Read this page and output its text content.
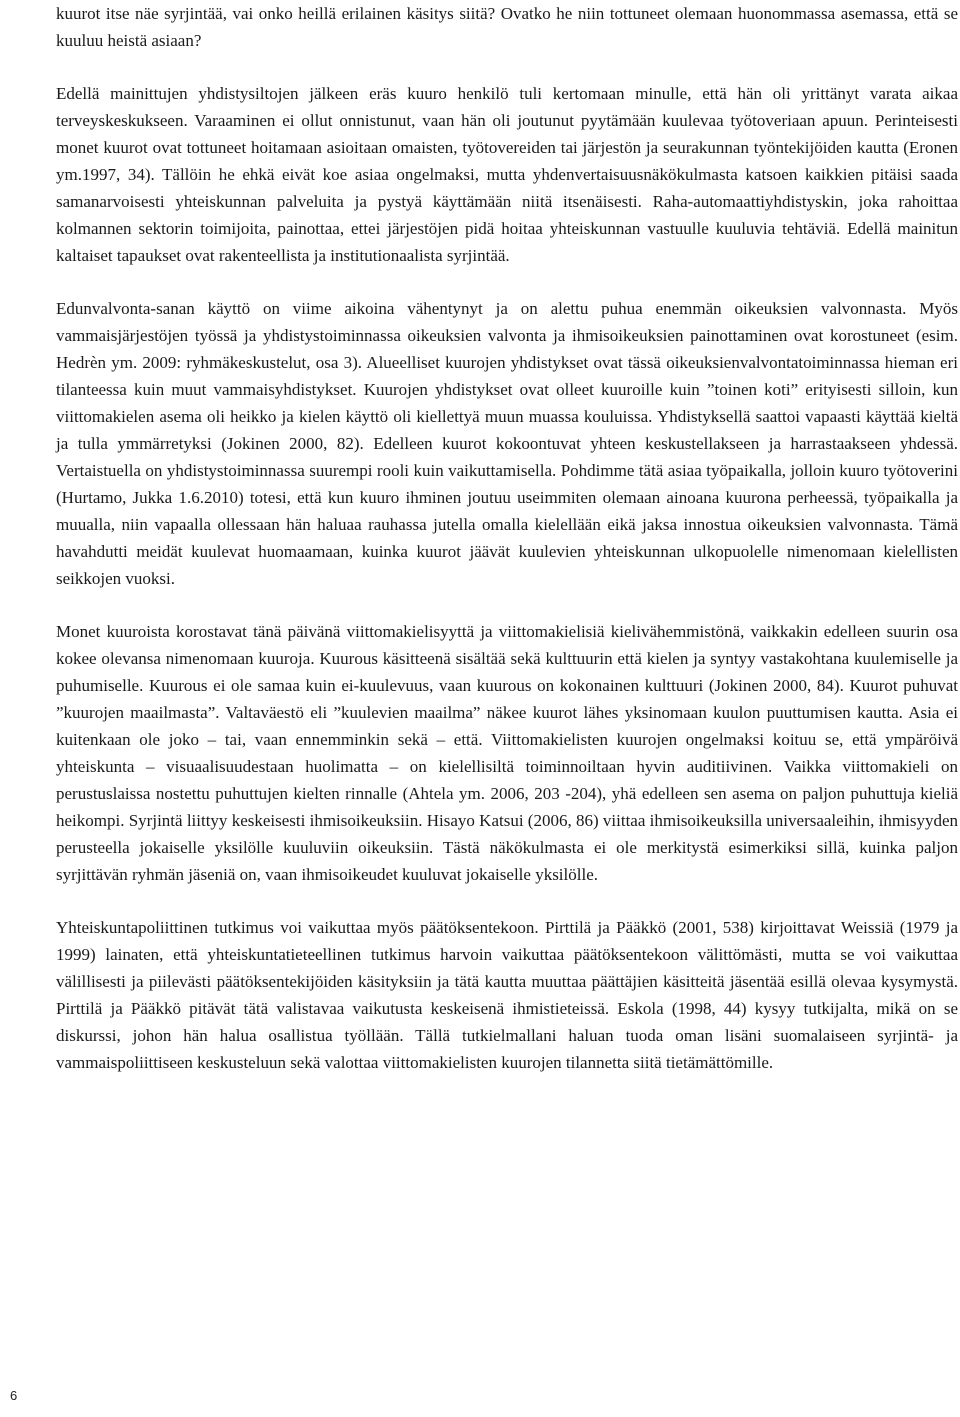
kuurot itse näe syrjintää, vai onko heillä erilainen käsitys siitä? Ovatko he niin tottuneet olemaan huonommassa asemassa, että se kuuluu heistä asiaan?

Edellä mainittujen yhdistysiltojen jälkeen eräs kuuro henkilö tuli kertomaan minulle, että hän oli yrittänyt varata aikaa terveyskeskukseen. Varaaminen ei ollut onnistunut, vaan hän oli joutunut pyytämään kuulevaa työtoveriaan apuun. Perinteisesti monet kuurot ovat tottuneet hoitamaan asioitaan omaisten, työtovereiden tai järjestön ja seurakunnan työntekijöiden kautta (Eronen ym.1997, 34). Tällöin he ehkä eivät koe asiaa ongelmaksi, mutta yhdenvertaisuusnäkökulmasta katsoen kaikkien pitäisi saada samanarvoisesti yhteiskunnan palveluita ja pystyä käyttämään niitä itsenäisesti. Raha-automaattiyhdistyskin, joka rahoittaa kolmannen sektorin toimijoita, painottaa, ettei järjestöjen pidä hoitaa yhteiskunnan vastuulle kuuluvia tehtäviä. Edellä mainitun kaltaiset tapaukset ovat rakenteellista ja institutionaalista syrjintää.

Edunvalvonta-sanan käyttö on viime aikoina vähentynyt ja on alettu puhua enemmän oikeuksien valvonnasta. Myös vammaisjärjestöjen työssä ja yhdistystoiminnassa oikeuksien valvonta ja ihmisoikeuksien painottaminen ovat korostuneet (esim. Hedrèn ym. 2009: ryhmäkeskustelut, osa 3). Alueelliset kuurojen yhdistykset ovat tässä oikeuksienvalvontatoiminnassa hieman eri tilanteessa kuin muut vammaisyhdistykset. Kuurojen yhdistykset ovat olleet kuuroille kuin ”toinen koti” erityisesti silloin, kun viittomakielen asema oli heikko ja kielen käyttö oli kiellettyä muun muassa kouluissa. Yhdistyksellä saattoi vapaasti käyttää kieltä ja tulla ymmärretyksi (Jokinen 2000, 82). Edelleen kuurot kokoontuvat yhteen keskustellakseen ja harrastaakseen yhdessä. Vertaistuella on yhdistystoiminnassa suurempi rooli kuin vaikuttamisella. Pohdimme tätä asiaa työpaikalla, jolloin kuuro työtoverini (Hurtamo, Jukka 1.6.2010) totesi, että kun kuuro ihminen joutuu useimmiten olemaan ainoana kuurona perheessä, työpaikalla ja muualla, niin vapaalla ollessaan hän haluaa rauhassa jutella omalla kielellään eikä jaksa innostua oikeuksien valvonnasta. Tämä havahdutti meidät kuulevat huomaamaan, kuinka kuurot jäävät kuulevien yhteiskunnan ulkopuolelle nimenomaan kielellisten seikkojen vuoksi.

Monet kuuroista korostavat tänä päivänä viittomakielisyyttä ja viittomakielisiä kielivähemmistönä, vaikkakin edelleen suurin osa kokee olevansa nimenomaan kuuroja. Kuurous käsitteenä sisältää sekä kulttuurin että kielen ja syntyy vastakohtana kuulemiselle ja puhumiselle. Kuurous ei ole samaa kuin ei-kuulevuus, vaan kuurous on kokonainen kulttuuri (Jokinen 2000, 84). Kuurot puhuvat ”kuurojen maailmasta”. Valtaväestö eli ”kuulevien maailma” näkee kuurot lähes yksinomaan kuulon puuttumisen kautta. Asia ei kuitenkaan ole joko – tai, vaan ennemminkin sekä – että. Viittomakielisten kuurojen ongelmaksi koituu se, että ympäröivä yhteiskunta – visuaalisuudestaan huolimatta – on kielellisiltä toiminnoiltaan hyvin auditiivinen. Vaikka viittomakieli on perustuslaissa nostettu puhuttujen kielten rinnalle (Ahtela ym. 2006, 203 -204), yhä edelleen sen asema on paljon puhuttuja kieliä heikompi. Syrjintä liittyy keskeisesti ihmisoikeuksiin. Hisayo Katsui (2006, 86) viittaa ihmisoikeuksilla universaaleihin, ihmisyyden perusteella jokaiselle yksilölle kuuluviin oikeuksiin. Tästä näkökulmasta ei ole merkitystä esimerkiksi sillä, kuinka paljon syrjittävän ryhmän jäseniä on, vaan ihmisoikeudet kuuluvat jokaiselle yksilölle.

Yhteiskuntapoliittinen tutkimus voi vaikuttaa myös päätöksentekoon. Pirttilä ja Pääkkö (2001, 538) kirjoittavat Weissiä (1979 ja 1999) lainaten, että yhteiskuntatieteellinen tutkimus harvoin vaikuttaa päätöksentekoon välittömästi, mutta se voi vaikuttaa välillisesti ja piilevästi päätöksentekijöiden käsityksiin ja tätä kautta muuttaa päättäjien käsitteitä jäsentää esillä olevaa kysymystä. Pirttilä ja Pääkkö pitävät tätä valistavaa vaikutusta keskeisenä ihmistieteissä. Eskola (1998, 44) kysyy tutkijalta, mikä on se diskurssi, johon hän halua osallistua työllään. Tällä tutkielmallani haluan tuoda oman lisäni suomalaiseen syrjintä- ja vammaispoliittiseen keskusteluun sekä valottaa viittomakielisten kuurojen tilannetta siitä tietämättömille.

6
